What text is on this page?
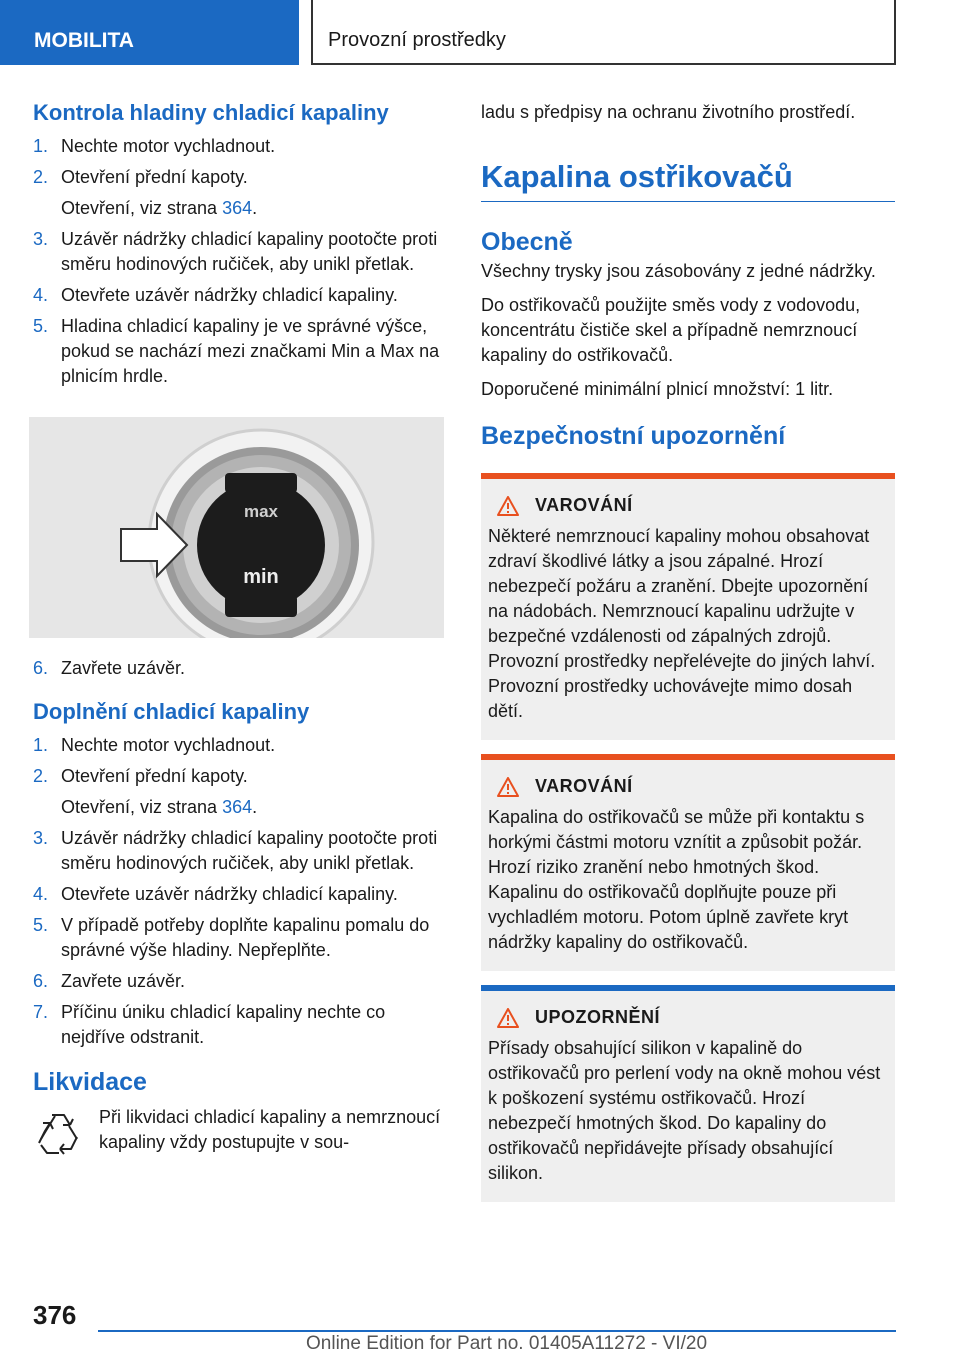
MOBILITA	Provozní prostředky
Kontrola hladiny chladicí kapaliny
1. Nechte motor vychladnout.
2. Otevření přední kapoty.
Otevření, viz strana 364.
3. Uzávěr nádržky chladicí kapaliny pootočte proti směru hodinových ručiček, aby unikl přetlak.
4. Otevřete uzávěr nádržky chladicí kapaliny.
5. Hladina chladicí kapaliny je ve správné výšce, pokud se nachází mezi značkami Min a Max na plnicím hrdle.
max
min
6. Zavřete uzávěr.
Doplnění chladicí kapaliny
1. Nechte motor vychladnout.
2. Otevření přední kapoty.
Otevření, viz strana 364.
3. Uzávěr nádržky chladicí kapaliny pootočte proti směru hodinových ručiček, aby unikl přetlak.
4. Otevřete uzávěr nádržky chladicí kapaliny.
5. V případě potřeby doplňte kapalinu pomalu do správné výše hladiny. Nepřeplňte.
6. Zavřete uzávěr.
7. Příčinu úniku chladicí kapaliny nechte co nejdříve odstranit.
Likvidace
Při likvidaci chladicí kapaliny a nemrznoucí kapaliny vždy postupujte v sou-

ladu s předpisy na ochranu životního prostředí.

Kapalina ostřikovačů
Obecně

Všechny trysky jsou zásobovány z jedné nádržky.

Do ostřikovačů použijte směs vody z vodovodu, koncentrátu čističe skel a případně nemrznoucí kapaliny do ostřikovačů.

Doporučené minimální plnicí množství: 1 litr.

Bezpečnostní upozornění
VAROVÁNÍ
Některé nemrznoucí kapaliny mohou obsahovat zdraví škodlivé látky a jsou zápalné. Hrozí nebezpečí požáru a zranění. Dbejte upozornění na nádobách. Nemrznoucí kapalinu udržujte v bezpečné vzdálenosti od zápalných zdrojů. Provozní prostředky nepřelévejte do jiných lahví. Provozní prostředky uchovávejte mimo dosah dětí.
VAROVÁNÍ
Kapalina do ostřikovačů se může při kontaktu s horkými částmi motoru vznítit a způsobit požár. Hrozí riziko zranění nebo hmotných škod. Kapalinu do ostřikovačů doplňujte pouze při vychladlém motoru. Potom úplně zavřete kryt nádržky kapaliny do ostřikovačů.
UPOZORNĚNÍ
Přísady obsahující silikon v kapalině do ostřikovačů pro perlení vody na okně mohou vést k poškození systému ostřikovačů. Hrozí nebezpečí hmotných škod. Do kapaliny do ostřikovačů nepřidávejte přísady obsahující silikon.
376
Online Edition for Part no. 01405A11272 - VI/20
